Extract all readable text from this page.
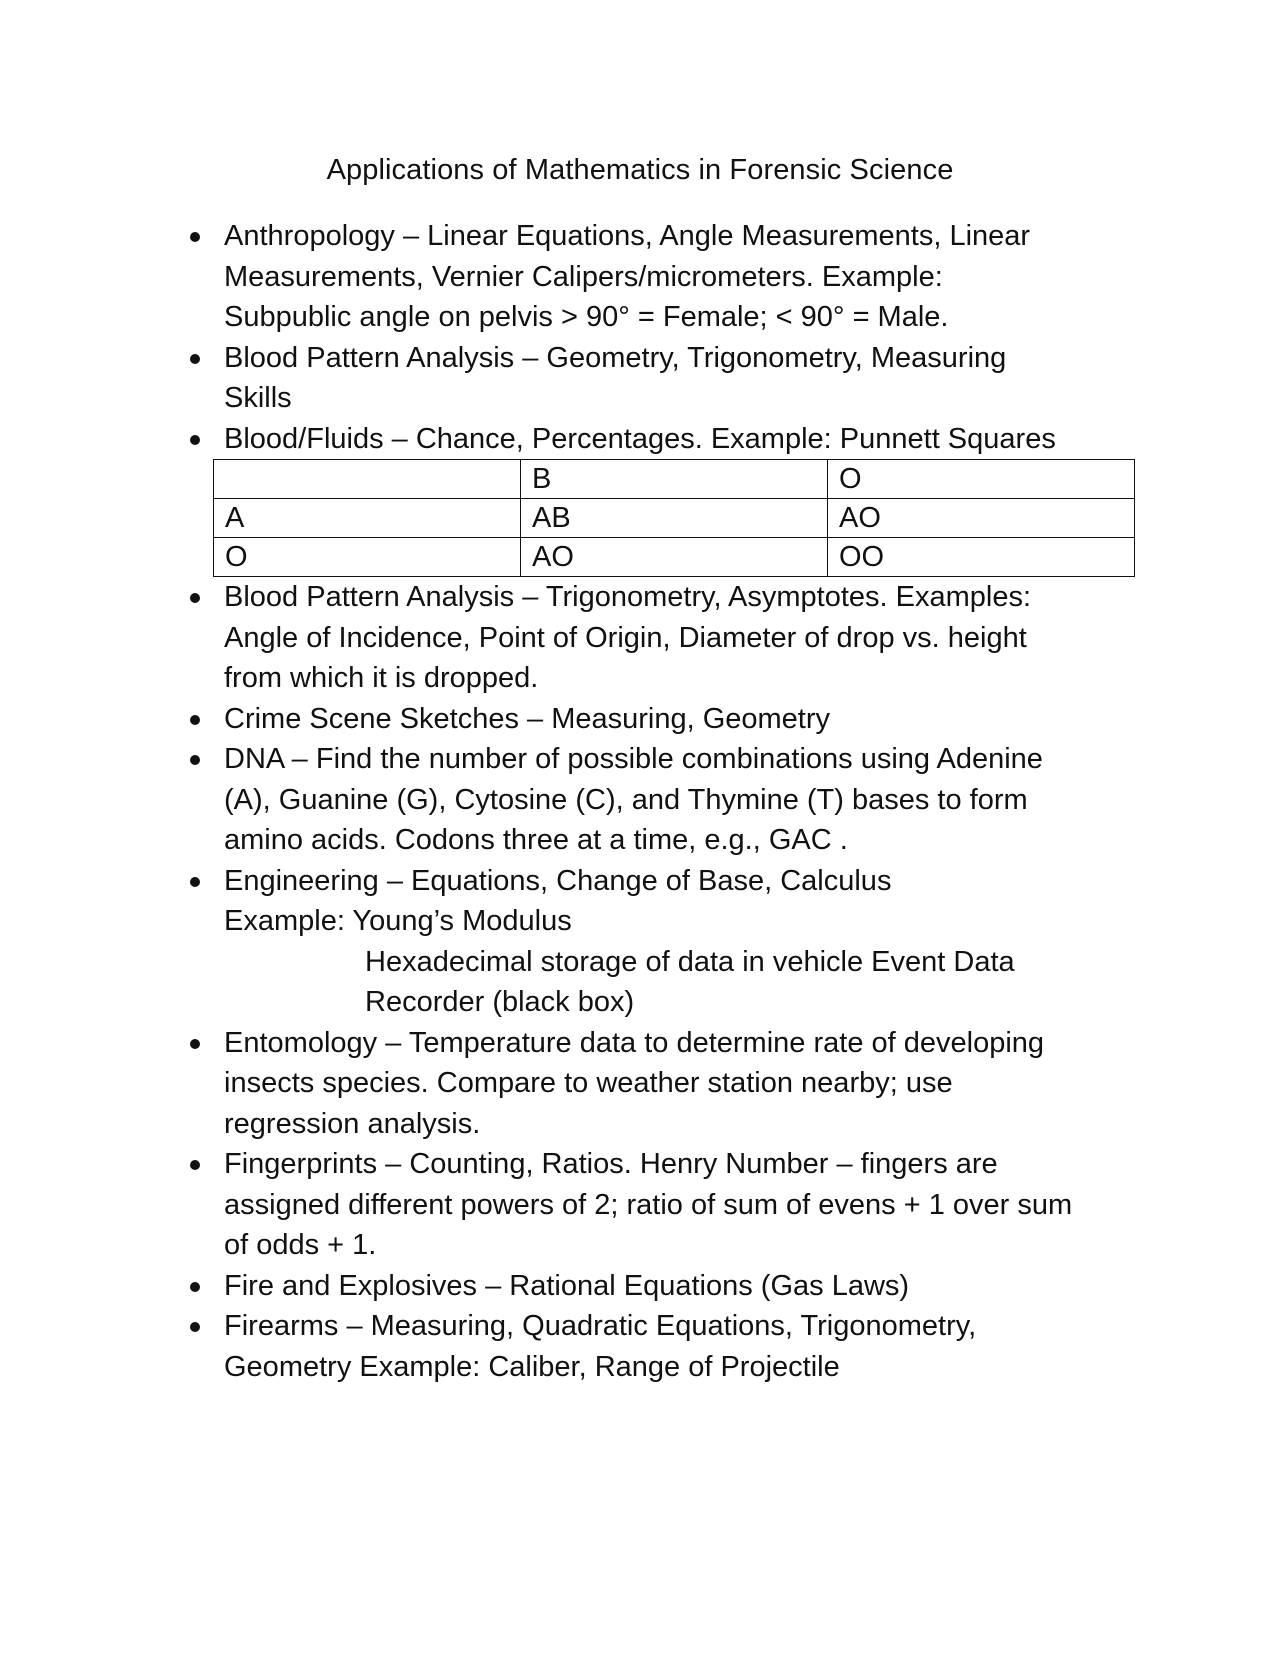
Applications of Mathematics in Forensic Science
Anthropology – Linear Equations, Angle Measurements, Linear
Measurements, Vernier Calipers/micrometers. Example:
Subpublic angle on pelvis > 90° = Female; < 90° = Male.
Blood Pattern Analysis – Geometry, Trigonometry, Measuring
Skills
Blood/Fluids – Chance, Percentages. Example: Punnett Squares
	B	O
A	AB	AO
O	AO	OO
Blood Pattern Analysis – Trigonometry, Asymptotes. Examples:
Angle of Incidence, Point of Origin, Diameter of drop vs. height
from which it is dropped.
Crime Scene Sketches – Measuring, Geometry
DNA – Find the number of possible combinations using Adenine
(A), Guanine (G), Cytosine (C), and Thymine (T) bases to form
amino acids. Codons three at a time, e.g., GAC .
Engineering – Equations, Change of Base, Calculus
Example: Young’s Modulus
Hexadecimal storage of data in vehicle Event Data
Recorder (black box)
Entomology – Temperature data to determine rate of developing
insects species. Compare to weather station nearby; use
regression analysis.
Fingerprints – Counting, Ratios. Henry Number – fingers are
assigned different powers of 2; ratio of sum of evens + 1 over sum
of odds + 1.
Fire and Explosives – Rational Equations (Gas Laws)
Firearms – Measuring, Quadratic Equations, Trigonometry,
Geometry Example: Caliber, Range of Projectile
